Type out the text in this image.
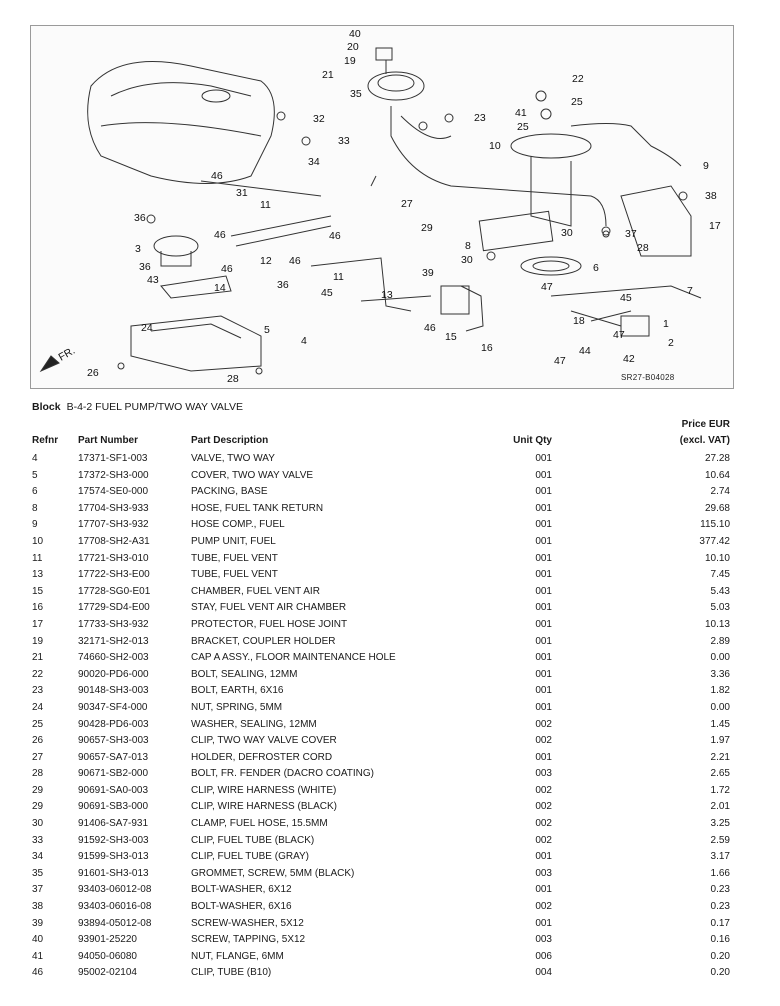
40
20
19
21
35
22
25
41
25
32
33
34
23
10
9
46
31
11
36
46
27
29
38
17
3
36	46
12 46
46
8
30
37
28
43
14	36
45
11	39
30
6
13
47	7
24	5
4
46
15
16
18
45
47
1
2
44
42
47
26	28
FR.
SR27-B04028
Block B-4-2 FUEL PUMP/TWO WAY VALVE
Refnr Part Number	Part Description	Unit Qty
Price EUR
(excl. VAT)
4	17371-SF1-003	VALVE, TWO WAY	001	27.28
5	17372-SH3-000	COVER, TWO WAY VALVE	001	10.64
6	17574-SE0-000	PACKING, BASE	001	2.74
8	17704-SH3-933	HOSE, FUEL TANK RETURN	001	29.68
9	17707-SH3-932	HOSE COMP., FUEL	001	115.10
10	17708-SH2-A31	PUMP UNIT, FUEL	001	377.42
11	17721-SH3-010	TUBE, FUEL VENT	001	10.10
13	17722-SH3-E00	TUBE, FUEL VENT	001	7.45
15	17728-SG0-E01	CHAMBER, FUEL VENT AIR	001	5.43
16	17729-SD4-E00	STAY, FUEL VENT AIR CHAMBER	001	5.03
17	17733-SH3-932	PROTECTOR, FUEL HOSE JOINT	001	10.13
19	32171-SH2-013	BRACKET, COUPLER HOLDER	001	2.89
21	74660-SH2-003	CAP A ASSY., FLOOR MAINTENANCE HOLE	001	0.00
22	90020-PD6-000	BOLT, SEALING, 12MM	001	3.36
23	90148-SH3-003	BOLT, EARTH, 6X16	001	1.82
24	90347-SF4-000	NUT, SPRING, 5MM	001	0.00
25	90428-PD6-003	WASHER, SEALING, 12MM	002	1.45
26	90657-SH3-003	CLIP, TWO WAY VALVE COVER	002	1.97
27	90657-SA7-013	HOLDER, DEFROSTER CORD	001	2.21
28	90671-SB2-000	BOLT, FR. FENDER (DACRO COATING)	003	2.65
29	90691-SA0-003	CLIP, WIRE HARNESS (WHITE)	002	1.72
29	90691-SB3-000	CLIP, WIRE HARNESS (BLACK)	002	2.01
30	91406-SA7-931	CLAMP, FUEL HOSE, 15.5MM	002	3.25
33	91592-SH3-003	CLIP, FUEL TUBE (BLACK)	002	2.59
34	91599-SH3-013	CLIP, FUEL TUBE (GRAY)	001	3.17
35	91601-SH3-013	GROMMET, SCREW, 5MM (BLACK)	003	1.66
37	93403-06012-08	BOLT-WASHER, 6X12	001	0.23
38	93403-06016-08	BOLT-WASHER, 6X16	002	0.23
39	93894-05012-08	SCREW-WASHER, 5X12	001	0.17
40	93901-25220	SCREW, TAPPING, 5X12	003	0.16
41	94050-06080	NUT, FLANGE, 6MM	006	0.20
46	95002-02104	CLIP, TUBE (B10)	004	0.20
